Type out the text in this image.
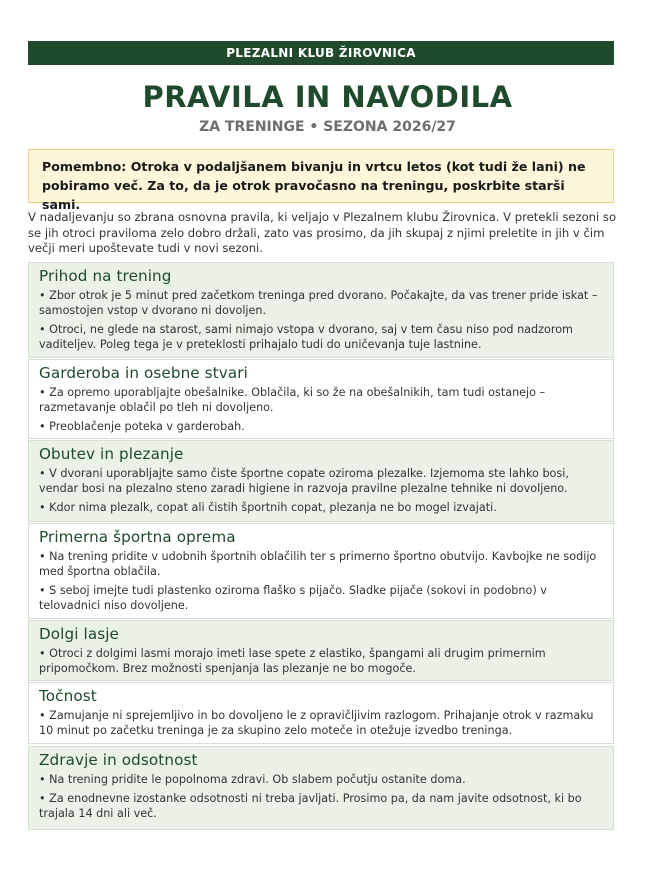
PLEZALNI KLUB ŽIROVNICA
PRAVILA IN NAVODILA
ZA TRENINGE • SEZONA 2026/27
Pomembno: Otroka v podaljšanem bivanju in vrtcu letos (kot tudi že lani) ne pobiramo več. Za to, da je otrok pravočasno na treningu, poskrbite starši sami.

V nadaljevanju so zbrana osnovna pravila, ki veljajo v Plezalnem klubu Žirovnica. V pretekli sezoni so se jih otroci praviloma zelo dobro držali, zato vas prosimo, da jih skupaj z njimi preletite in jih v čim večji meri upoštevate tudi v novi sezoni.

Prihod na trening

• Zbor otrok je 5 minut pred začetkom treninga pred dvorano. Počakajte, da vas trener pride iskat – samostojen vstop v dvorano ni dovoljen.

• Otroci, ne glede na starost, sami nimajo vstopa v dvorano, saj v tem času niso pod nadzorom vaditeljev. Poleg tega je v preteklosti prihajalo tudi do uničevanja tuje lastnine.

Garderoba in osebne stvari

• Za opremo uporabljajte obešalnike. Oblačila, ki so že na obešalnikih, tam tudi ostanejo – razmetavanje oblačil po tleh ni dovoljeno.

• Preoblačenje poteka v garderobah.

Obutev in plezanje

• V dvorani uporabljajte samo čiste športne copate oziroma plezalke. Izjemoma ste lahko bosi, vendar bosi na plezalno steno zaradi higiene in razvoja pravilne plezalne tehnike ni dovoljeno.

• Kdor nima plezalk, copat ali čistih športnih copat, plezanja ne bo mogel izvajati.

Primerna športna oprema

• Na trening pridite v udobnih športnih oblačilih ter s primerno športno obutvijo. Kavbojke ne sodijo med športna oblačila.

• S seboj imejte tudi plastenko oziroma flaško s pijačo. Sladke pijače (sokovi in podobno) v telovadnici niso dovoljene.

Dolgi lasje

• Otroci z dolgimi lasmi morajo imeti lase spete z elastiko, špangami ali drugim primernim pripomočkom. Brez možnosti spenjanja las plezanje ne bo mogoče.

Točnost

• Zamujanje ni sprejemljivo in bo dovoljeno le z opravičljivim razlogom. Prihajanje otrok v razmaku 10 minut po začetku treninga je za skupino zelo moteče in otežuje izvedbo treninga.

Zdravje in odsotnost

• Na trening pridite le popolnoma zdravi. Ob slabem počutju ostanite doma.

• Za enodnevne izostanke odsotnosti ni treba javljati. Prosimo pa, da nam javite odsotnost, ki bo trajala 14 dni ali več.
